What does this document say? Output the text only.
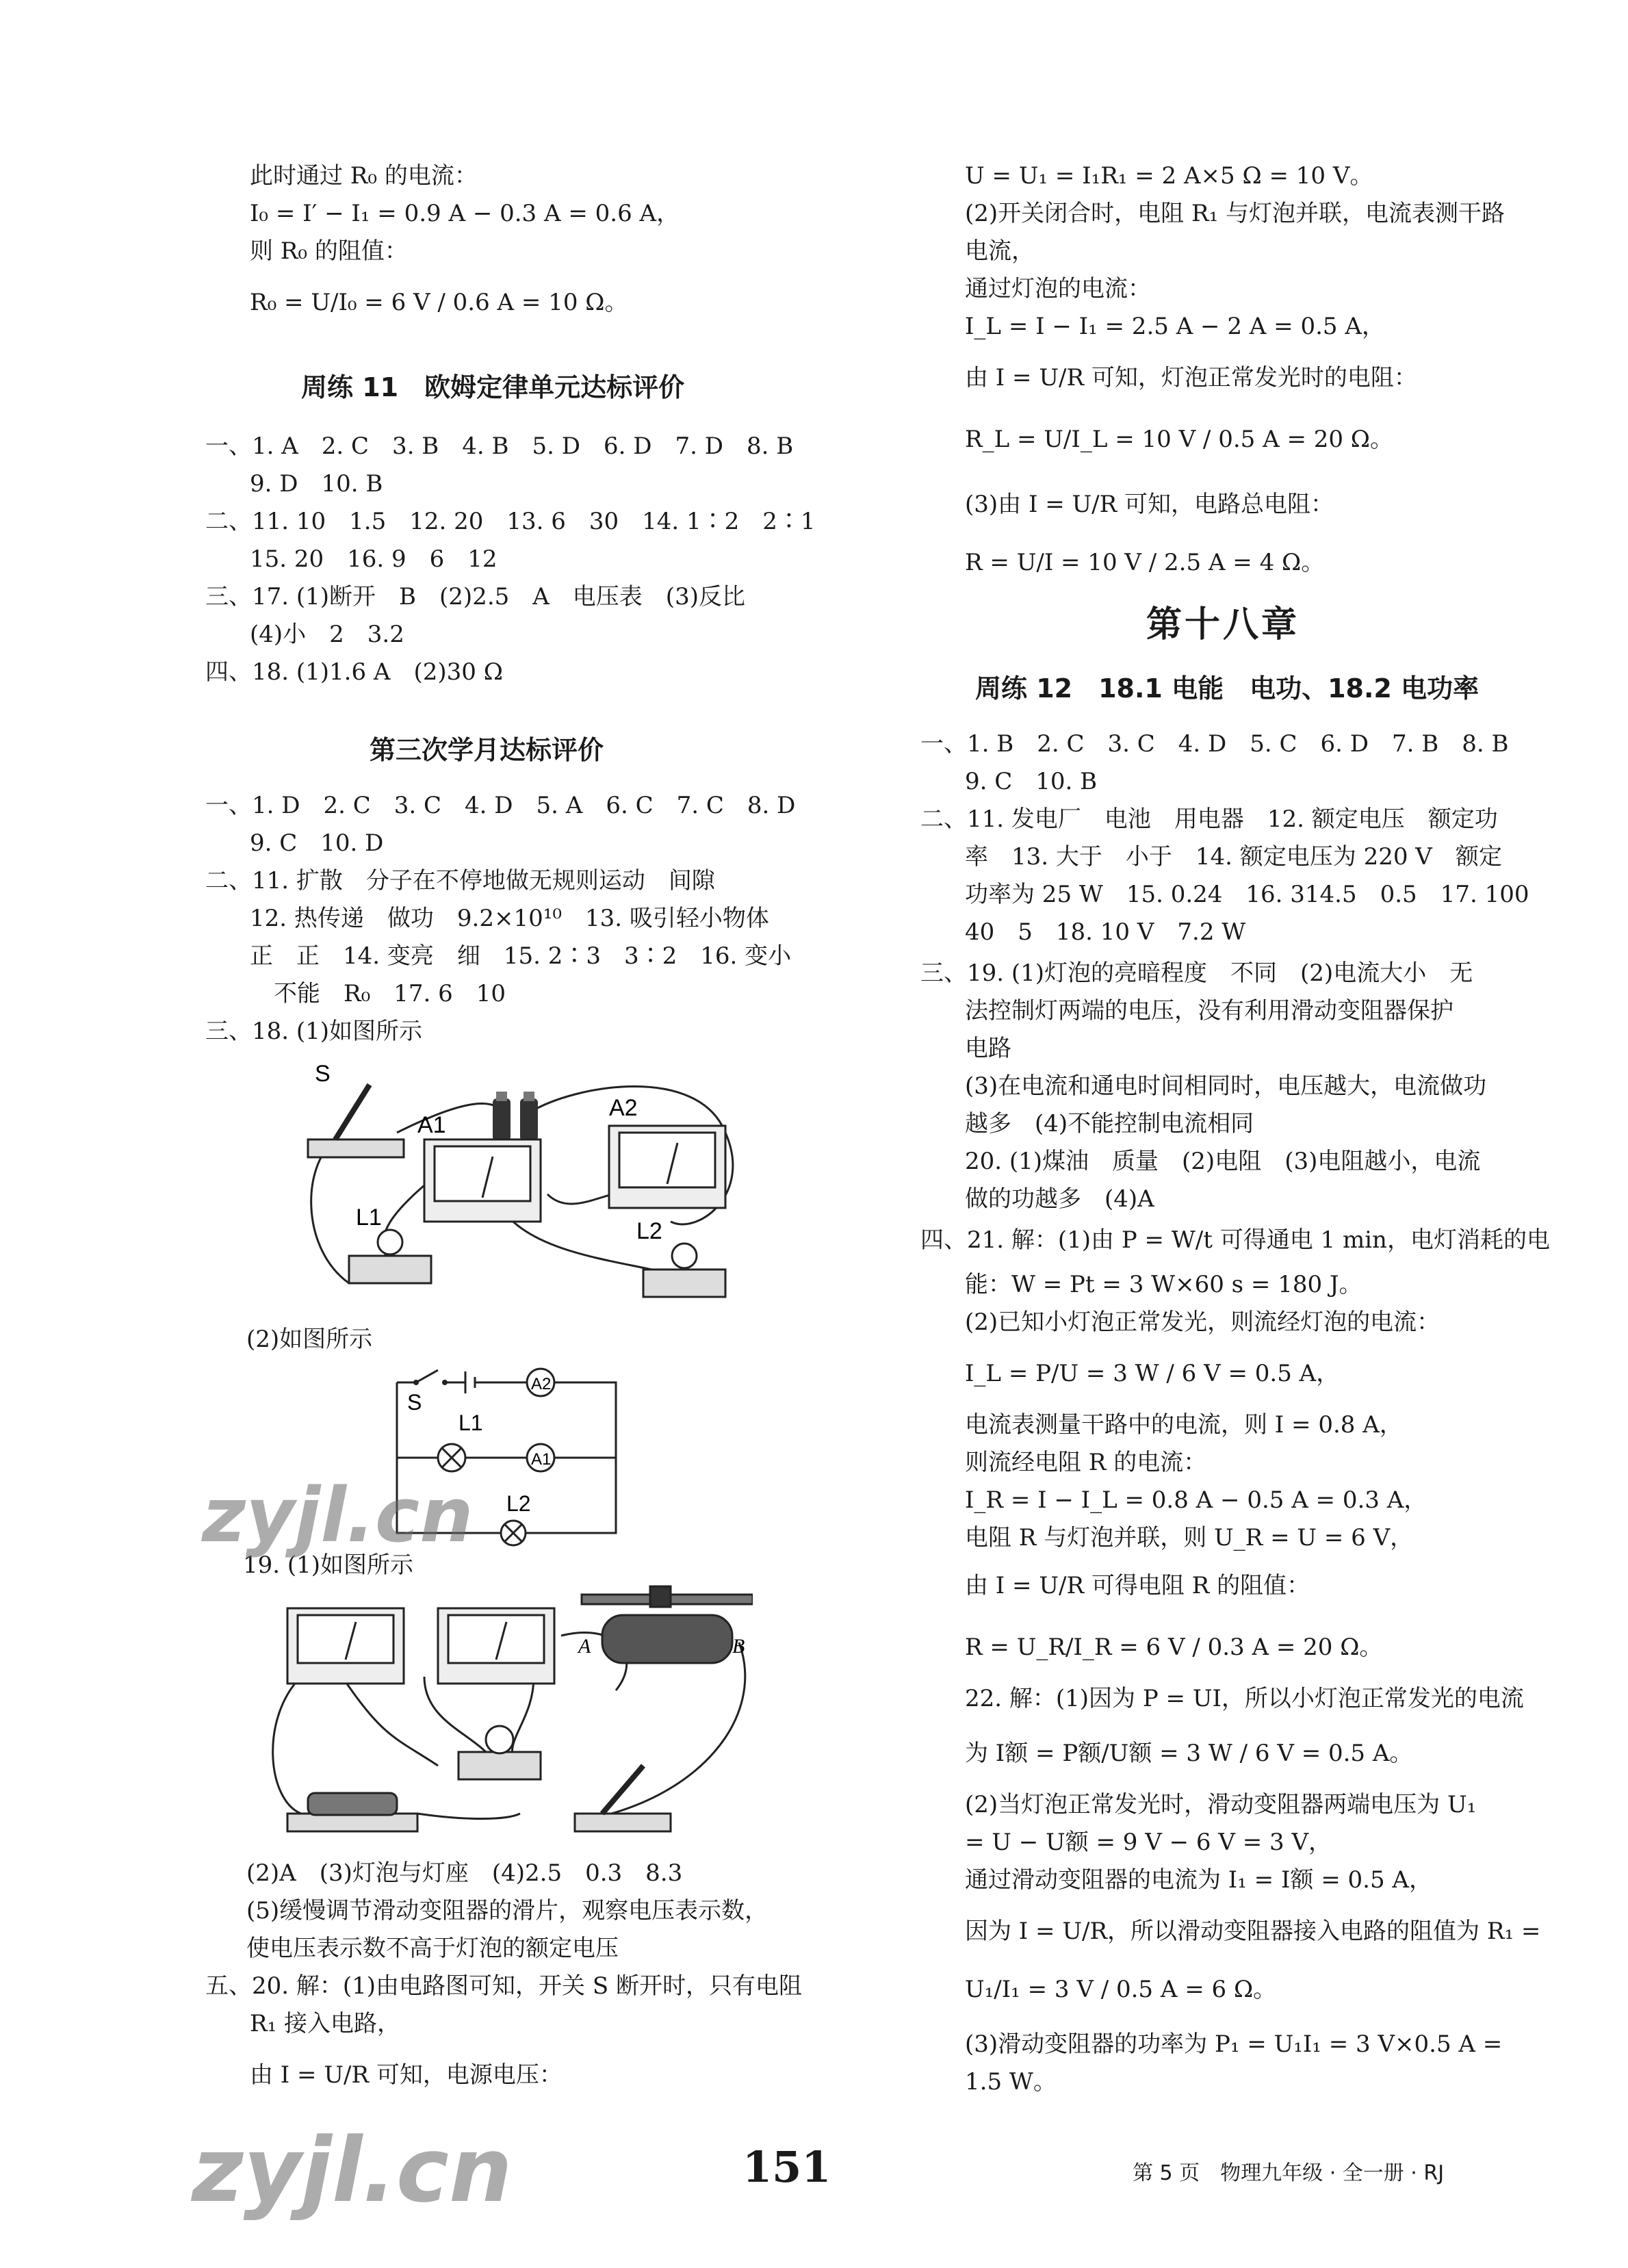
此时通过 R₀ 的电流：
I₀ = I′ − I₁ = 0.9 A − 0.3 A = 0.6 A，
则 R₀ 的阻值：
R₀ = U/I₀ = 6 V / 0.6 A = 10 Ω。
周练 11　欧姆定律单元达标评价
一、1. A　2. C　3. B　4. B　5. D　6. D　7. D　8. B
9. D　10. B
二、11. 10　1.5　12. 20　13. 6　30　14. 1∶2　2∶1
15. 20　16. 9　6　12
三、17. (1)断开　B　(2)2.5　A　电压表　(3)反比
(4)小　2　3.2
四、18. (1)1.6 A　(2)30 Ω
第三次学月达标评价
一、1. D　2. C　3. C　4. D　5. A　6. C　7. C　8. D
9. C　10. D
二、11. 扩散　分子在不停地做无规则运动　间隙
12. 热传递　做功　9.2×10¹⁰　13. 吸引轻小物体
正　正　14. 变亮　细　15. 2∶3　3∶2　16. 变小
不能　R₀　17. 6　10
三、18. (1)如图所示
S
A1
A2
L1
L2
(2)如图所示
S
L1
L2
A2
A1
19. (1)如图所示
A	B
(2)A　(3)灯泡与灯座　(4)2.5　0.3　8.3
(5)缓慢调节滑动变阻器的滑片，观察电压表示数，
使电压表示数不高于灯泡的额定电压
五、20. 解：(1)由电路图可知，开关 S 断开时，只有电阻
R₁ 接入电路，
由 I = U/R 可知，电源电压：
U = U₁ = I₁R₁ = 2 A×5 Ω = 10 V。
(2)开关闭合时，电阻 R₁ 与灯泡并联，电流表测干路
电流，
通过灯泡的电流：
I_L = I − I₁ = 2.5 A − 2 A = 0.5 A，
由 I = U/R 可知，灯泡正常发光时的电阻：
R_L = U/I_L = 10 V / 0.5 A = 20 Ω。
(3)由 I = U/R 可知，电路总电阻：
R = U/I = 10 V / 2.5 A = 4 Ω。
第十八章
周练 12　18.1 电能　电功、18.2 电功率
一、1. B　2. C　3. C　4. D　5. C　6. D　7. B　8. B
9. C　10. B
二、11. 发电厂　电池　用电器　12. 额定电压　额定功
率　13. 大于　小于　14. 额定电压为 220 V　额定
功率为 25 W　15. 0.24　16. 314.5　0.5　17. 100
40　5　18. 10 V　7.2 W
三、19. (1)灯泡的亮暗程度　不同　(2)电流大小　无
法控制灯两端的电压，没有利用滑动变阻器保护
电路
(3)在电流和通电时间相同时，电压越大，电流做功
越多　(4)不能控制电流相同
20. (1)煤油　质量　(2)电阻　(3)电阻越小，电流
做的功越多　(4)A
四、21. 解：(1)由 P = W/t 可得通电 1 min，电灯消耗的电
能：W = Pt = 3 W×60 s = 180 J。
(2)已知小灯泡正常发光，则流经灯泡的电流：
I_L = P/U = 3 W / 6 V = 0.5 A，
电流表测量干路中的电流，则 I = 0.8 A，
则流经电阻 R 的电流：
I_R = I − I_L = 0.8 A − 0.5 A = 0.3 A，
电阻 R 与灯泡并联，则 U_R = U = 6 V，
由 I = U/R 可得电阻 R 的阻值：
R = U_R/I_R = 6 V / 0.3 A = 20 Ω。
22. 解：(1)因为 P = UI，所以小灯泡正常发光的电流
为 I额 = P额/U额 = 3 W / 6 V = 0.5 A。
(2)当灯泡正常发光时，滑动变阻器两端电压为 U₁
= U − U额 = 9 V − 6 V = 3 V，
通过滑动变阻器的电流为 I₁ = I额 = 0.5 A，
因为 I = U/R，所以滑动变阻器接入电路的阻值为 R₁ =
U₁/I₁ = 3 V / 0.5 A = 6 Ω。
(3)滑动变阻器的功率为 P₁ = U₁I₁ = 3 V×0.5 A =
1.5 W。
zyjl.cn
zyjl.cn	151	第 5 页　物理九年级 · 全一册 · RJ
